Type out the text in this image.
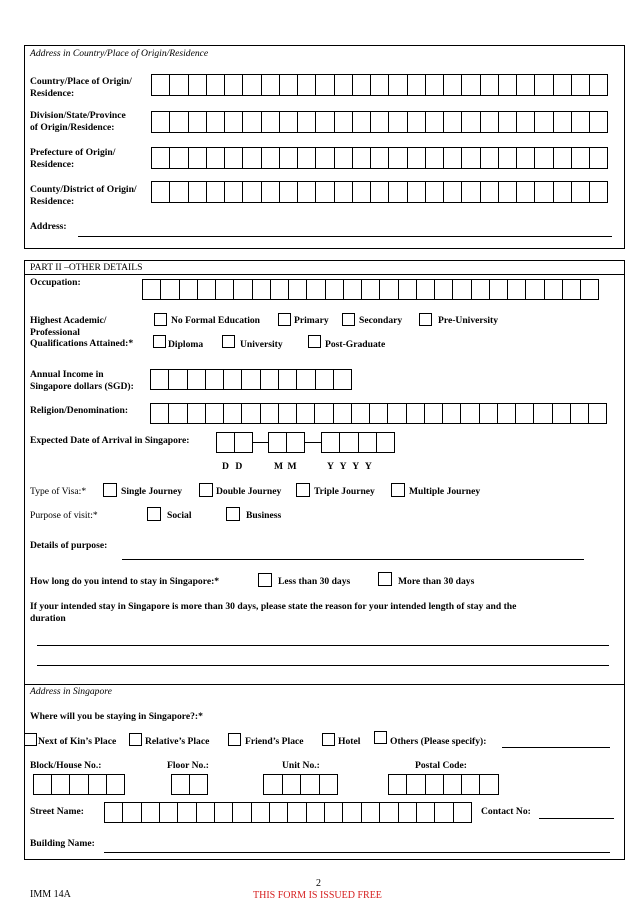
Address in Country/Place of Origin/Residence
Country/Place of Origin/
Residence:
Division/State/Province
of Origin/Residence:
Prefecture of Origin/
Residence:
County/District of Origin/
Residence:
Address:
PART II –OTHER DETAILS
Occupation:
Highest Academic/
Professional
Qualifications Attained:*
No Formal Education	Primary	Secondary	Pre-University
Diploma	University	Post-Graduate
Annual Income in
Singapore dollars (SGD):
Religion/Denomination:
Expected Date of Arrival in Singapore:
D D	M M	Y Y Y Y
Type of Visa:*	Single Journey	Double Journey	Triple Journey	Multiple Journey
Purpose of visit:*	Social	Business
Details of purpose:
How long do you intend to stay in Singapore:*	Less than 30 days	More than 30 days
If your intended stay in Singapore is more than 30 days, please state the reason for your intended length of stay and the
duration
Address in Singapore
Where will you be staying in Singapore?:*
Next of Kin’s Place	Relative’s Place	Friend’s Place	Hotel	Others (Please specify):
Block/House No.:	Floor No.:	Unit No.:	Postal Code:
Street Name:	Contact No:
Building Name:
2
IMM 14A	THIS FORM IS ISSUED FREE
